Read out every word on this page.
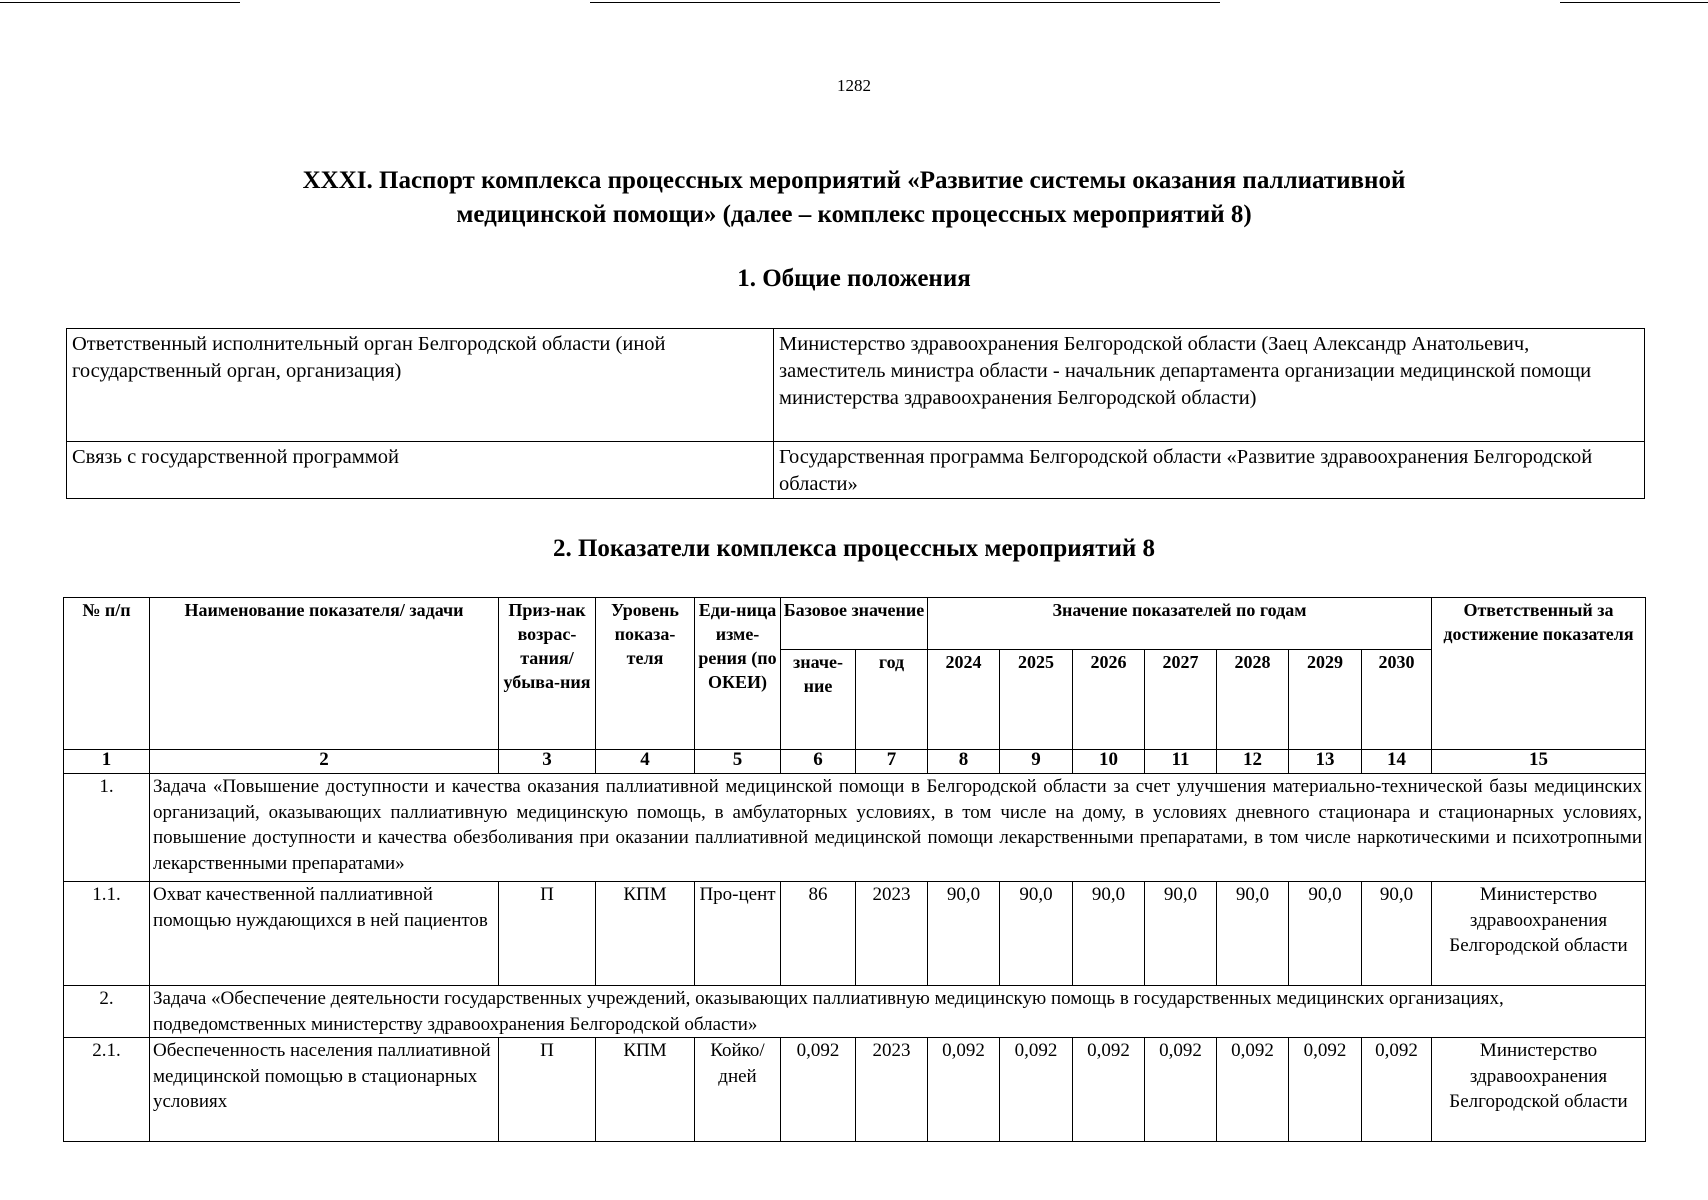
1282
XXXI. Паспорт комплекса процессных мероприятий «Развитие системы оказания паллиативной
медицинской помощи» (далее – комплекс процессных мероприятий 8)
1. Общие положения
Ответственный исполнительный орган Белгородской области (иной государственный орган, организация)	Министерство здравоохранения Белгородской области (Заец Александр Анатольевич, заместитель министра области - начальник департамента организации медицинской помощи министерства здравоохранения Белгородской области)
Связь с государственной программой	Государственная программа Белгородской области «Развитие здравоохранения Белгородской области»
2. Показатели комплекса процессных мероприятий 8
№ п/п	Наименование показателя/ задачи	Приз-нак возрас-тания/ убыва-ния	Уровень показа-теля	Еди-ница изме-рения (по ОКЕИ)	Базовое значение		Значение показателей по годам							Ответственный за достижение показателя
					значе-ние	год	2024	2025	2026	2027	2028	2029	2030	
1	2	3	4	5	6	7	8	9	10	11	12	13	14	15
1.	Задача «Повышение доступности и качества оказания паллиативной медицинской помощи в Белгородской области за счет улучшения материально-технической базы медицинских организаций, оказывающих паллиативную медицинскую помощь, в амбулаторных условиях, в том числе на дому, в условиях дневного стационара и стационарных условиях, повышение доступности и качества обезболивания при оказании паллиативной медицинской помощи лекарственными препаратами, в том числе наркотическими и психотропными лекарственными препаратами»													
1.1.	Охват качественной паллиативной помощью нуждающихся в ней пациентов	П	КПМ	Про-цент	86	2023	90,0	90,0	90,0	90,0	90,0	90,0	90,0	Министерство здравоохранения Белгородской области
2.	Задача «Обеспечение деятельности государственных учреждений, оказывающих паллиативную медицинскую помощь в государственных медицинских организациях, подведомственных министерству здравоохранения Белгородской области»													
2.1.	Обеспеченность населения паллиативной медицинской помощью в стационарных условиях	П	КПМ	Койко/ дней	0,092	2023	0,092	0,092	0,092	0,092	0,092	0,092	0,092	Министерство здравоохранения Белгородской области
